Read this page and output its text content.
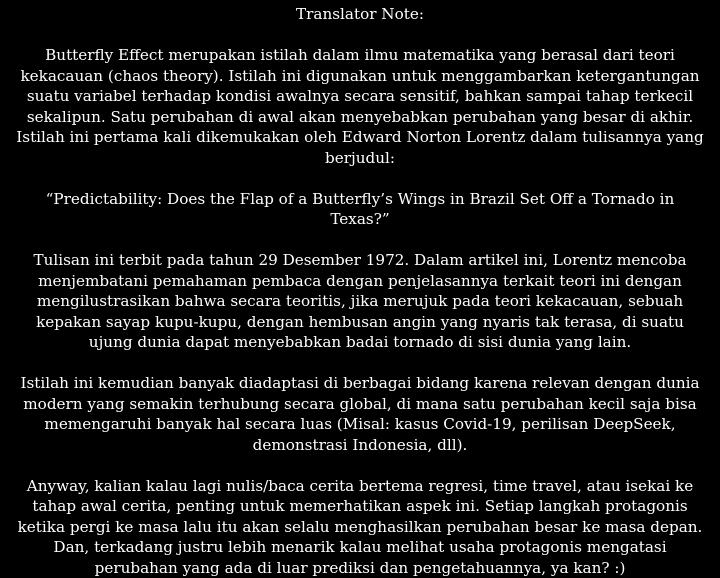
Translator Note:

Butterfly Effect merupakan istilah dalam ilmu matematika yang berasal dari teori kekacauan (chaos theory). Istilah ini digunakan untuk menggambarkan ketergantungan suatu variabel terhadap kondisi awalnya secara sensitif, bahkan sampai tahap terkecil sekalipun. Satu perubahan di awal akan menyebabkan perubahan yang besar di akhir. Istilah ini pertama kali dikemukakan oleh Edward Norton Lorentz dalam tulisannya yang berjudul:

“Predictability: Does the Flap of a Butterfly’s Wings in Brazil Set Off a Tornado in Texas?”

Tulisan ini terbit pada tahun 29 Desember 1972. Dalam artikel ini, Lorentz mencoba menjembatani pemahaman pembaca dengan penjelasannya terkait teori ini dengan mengilustrasikan bahwa secara teoritis, jika merujuk pada teori kekacauan, sebuah kepakan sayap kupu-kupu, dengan hembusan angin yang nyaris tak terasa, di suatu ujung dunia dapat menyebabkan badai tornado di sisi dunia yang lain.

Istilah ini kemudian banyak diadaptasi di berbagai bidang karena relevan dengan dunia modern yang semakin terhubung secara global, di mana satu perubahan kecil saja bisa memengaruhi banyak hal secara luas (Misal: kasus Covid-19, perilisan DeepSeek, demonstrasi Indonesia, dll).

Anyway, kalian kalau lagi nulis/baca cerita bertema regresi, time travel, atau isekai ke tahap awal cerita, penting untuk memerhatikan aspek ini. Setiap langkah protagonis ketika pergi ke masa lalu itu akan selalu menghasilkan perubahan besar ke masa depan. Dan, terkadang justru lebih menarik kalau melihat usaha protagonis mengatasi perubahan yang ada di luar prediksi dan pengetahuannya, ya kan? :)
